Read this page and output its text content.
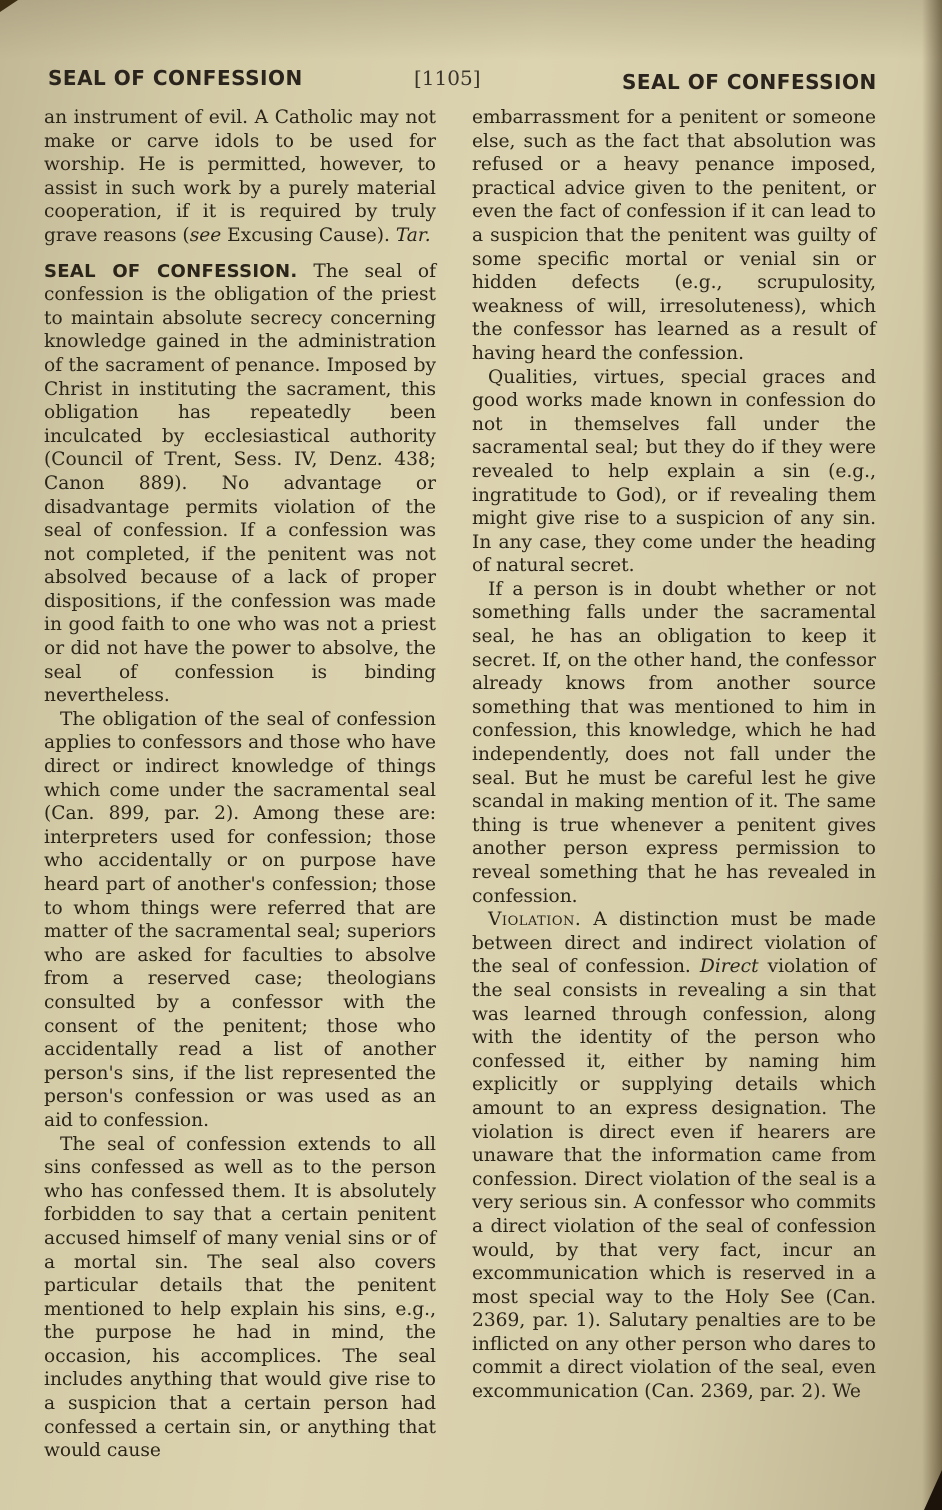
SEAL OF CONFESSION	[1105]	SEAL OF CONFESSION

an instrument of evil. A Catholic may not make or carve idols to be used for worship. He is permitted, however, to assist in such work by a purely material cooperation, if it is required by truly grave reasons (see Excusing Cause). Tar.

SEAL OF CONFESSION. The seal of confession is the obligation of the priest to maintain absolute secrecy concerning knowledge gained in the administration of the sacrament of penance. Imposed by Christ in instituting the sacrament, this obligation has repeatedly been inculcated by ecclesiastical authority (Council of Trent, Sess. IV, Denz. 438; Canon 889). No advantage or disadvantage permits violation of the seal of confession. If a confession was not completed, if the penitent was not absolved because of a lack of proper dispositions, if the confession was made in good faith to one who was not a priest or did not have the power to absolve, the seal of confession is binding nevertheless.

The obligation of the seal of confession applies to confessors and those who have direct or indirect knowledge of things which come under the sacramental seal (Can. 899, par. 2). Among these are: interpreters used for confession; those who accidentally or on purpose have heard part of another's confession; those to whom things were referred that are matter of the sacramental seal; superiors who are asked for faculties to absolve from a reserved case; theologians consulted by a confessor with the consent of the penitent; those who accidentally read a list of another person's sins, if the list represented the person's confession or was used as an aid to confession.

The seal of confession extends to all sins confessed as well as to the person who has confessed them. It is absolutely forbidden to say that a certain penitent accused himself of many venial sins or of a mortal sin. The seal also covers particular details that the penitent mentioned to help explain his sins, e.g., the purpose he had in mind, the occasion, his accomplices. The seal includes anything that would give rise to a suspicion that a certain person had confessed a certain sin, or anything that would cause

embarrassment for a penitent or someone else, such as the fact that absolution was refused or a heavy penance imposed, practical advice given to the penitent, or even the fact of confession if it can lead to a suspicion that the penitent was guilty of some specific mortal or venial sin or hidden defects (e.g., scrupulosity, weakness of will, irresoluteness), which the confessor has learned as a result of having heard the confession.

Qualities, virtues, special graces and good works made known in confession do not in themselves fall under the sacramental seal; but they do if they were revealed to help explain a sin (e.g., ingratitude to God), or if revealing them might give rise to a suspicion of any sin. In any case, they come under the heading of natural secret.

If a person is in doubt whether or not something falls under the sacramental seal, he has an obligation to keep it secret. If, on the other hand, the confessor already knows from another source something that was mentioned to him in confession, this knowledge, which he had independently, does not fall under the seal. But he must be careful lest he give scandal in making mention of it. The same thing is true whenever a penitent gives another person express permission to reveal something that he has revealed in confession.

Violation. A distinction must be made between direct and indirect violation of the seal of confession. Direct violation of the seal consists in revealing a sin that was learned through confession, along with the identity of the person who confessed it, either by naming him explicitly or supplying details which amount to an express designation. The violation is direct even if hearers are unaware that the information came from confession. Direct violation of the seal is a very serious sin. A confessor who commits a direct violation of the seal of confession would, by that very fact, incur an excommunication which is reserved in a most special way to the Holy See (Can. 2369, par. 1). Salutary penalties are to be inflicted on any other person who dares to commit a direct violation of the seal, even excommunication (Can. 2369, par. 2). We
